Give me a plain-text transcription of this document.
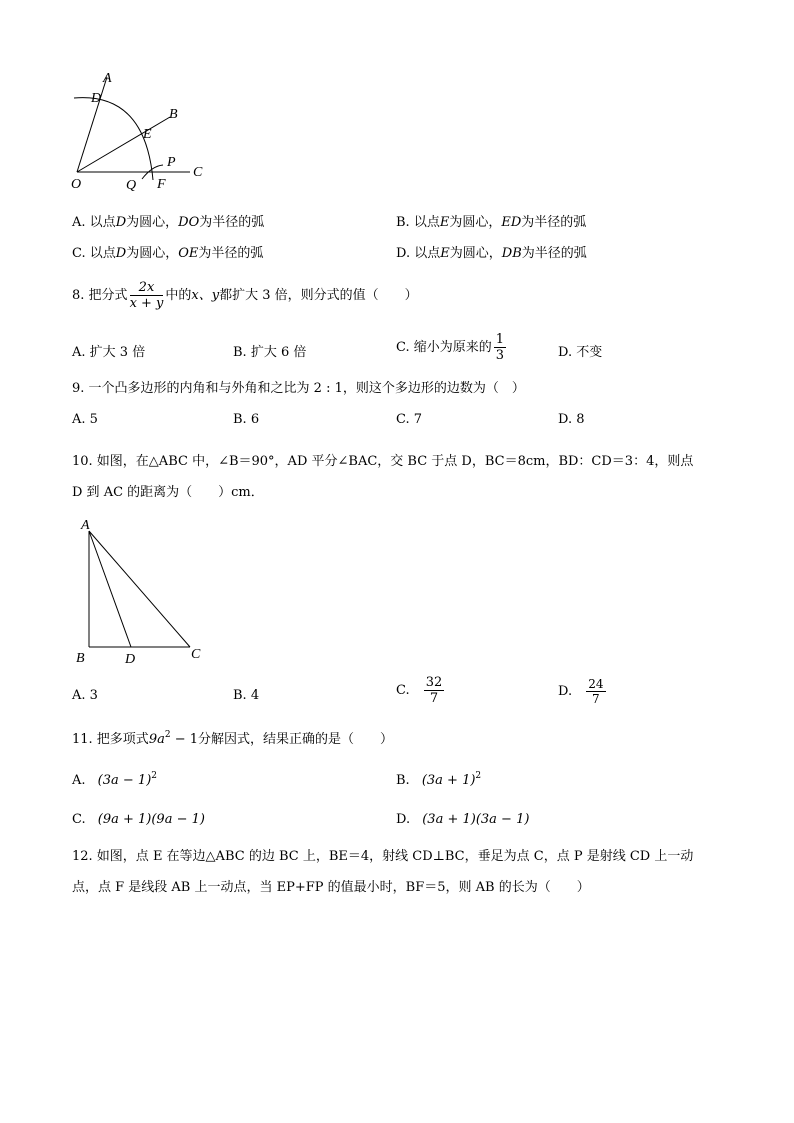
A
D
B
E
P
C
O	Q F
A. 以点D为圆心，DO为半径的弧	B. 以点E为圆心，ED为半径的弧
C. 以点D为圆心，OE为半径的弧	D. 以点E为圆心，DB为半径的弧
8. 把分式 $\frac{2x}{x + y}$ 中的x、y都扩大 3 倍，则分式的值（　　）
A. 扩大 3 倍	B. 扩大 6 倍	C. 缩小为原来的 $\frac{1}{3}$	D. 不变
9. 一个凸多边形的内角和与外角和之比为 2 : 1，则这个多边形的边数为（　）
A. 5	B. 6	C. 7	D. 8
10. 如图，在△ABC 中，∠B＝90°，AD 平分∠BAC，交 BC 于点 D，BC＝8cm，BD：CD＝3：4，则点
D 到 AC 的距离为（　　）cm．
A
B	D	C
A. 3	B. 4	C. $\frac{32}{7}$	D. $\frac{24}{7}$
11. 把多项式$9a^2 - 1$分解因式，结果正确的是（　　）
A. $(3a - 1)^2$	B. $(3a + 1)^2$
C. (9a + 1)(9a − 1)	D. (3a + 1)(3a − 1)
12. 如图，点 E 在等边△ABC 的边 BC 上，BE＝4，射线 CD⊥BC，垂足为点 C，点 P 是射线 CD 上一动
点，点 F 是线段 AB 上一动点，当 EP+FP 的值最小时，BF＝5，则 AB 的长为（　　）
